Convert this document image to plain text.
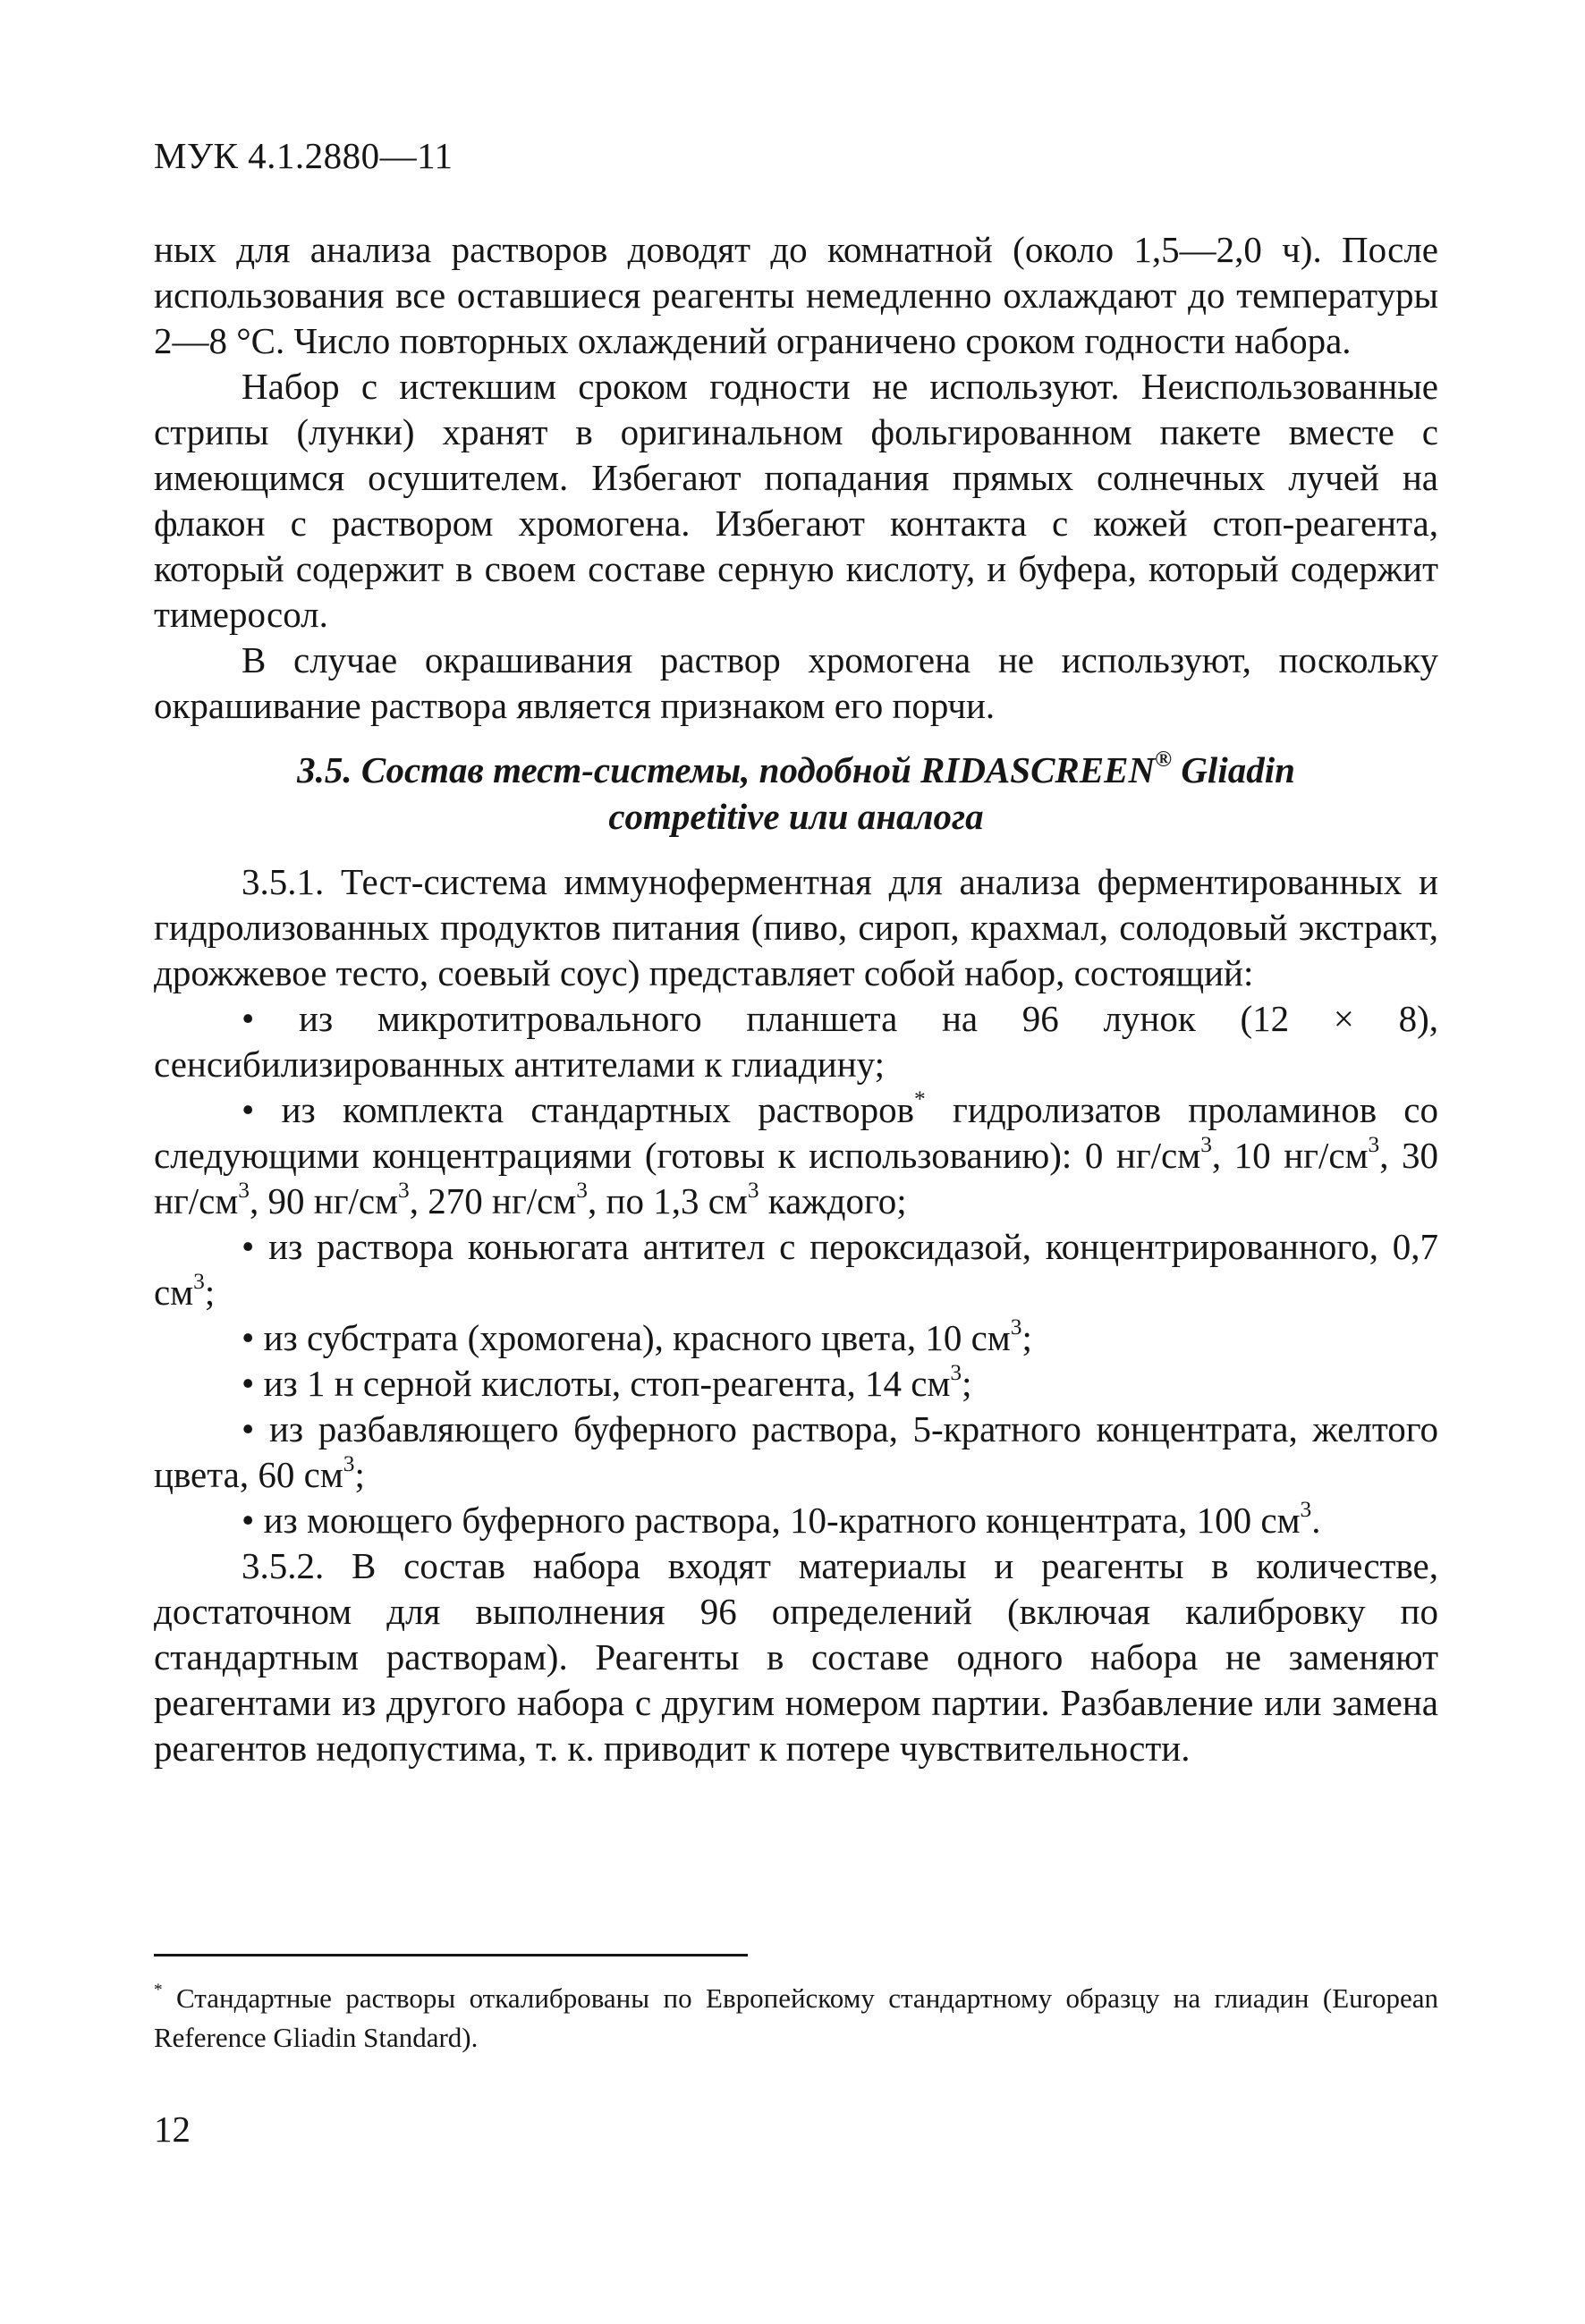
МУК 4.1.2880—11

ных для анализа растворов доводят до комнатной (около 1,5—2,0 ч). После использования все оставшиеся реагенты немедленно охлаждают до температуры 2—8 °С. Число повторных охлаждений ограничено сроком годности набора.

Набор с истекшим сроком годности не используют. Неиспользованные стрипы (лунки) хранят в оригинальном фольгированном пакете вместе с имеющимся осушителем. Избегают попадания прямых солнечных лучей на флакон с раствором хромогена. Избегают контакта с кожей стоп-реагента, который содержит в своем составе серную кислоту, и буфера, который содержит тимеросол.

В случае окрашивания раствор хромогена не используют, поскольку окрашивание раствора является признаком его порчи.

3.5. Состав тест-системы, подобной RIDASCREEN® Gliadin
competitive или аналога

3.5.1. Тест-система иммуноферментная для анализа ферментированных и гидролизованных продуктов питания (пиво, сироп, крахмал, солодовый экстракт, дрожжевое тесто, соевый соус) представляет собой набор, состоящий:

• из микротитровального планшета на 96 лунок (12 × 8), сенсибилизированных антителами к глиадину;

• из комплекта стандартных растворов* гидролизатов проламинов со следующими концентрациями (готовы к использованию): 0 $нг/см^3$, 10 $нг/см^3$, 30 $нг/см^3$, 90 $нг/см^3$, 270 $нг/см^3$, по 1,3 $см^3$ каждого;

• из раствора коньюгата антител с пероксидазой, концентрированного, 0,7 $см^3$;

• из субстрата (хромогена), красного цвета, 10 $см^3$;

• из 1 н серной кислоты, стоп-реагента, 14 $см^3$;

• из разбавляющего буферного раствора, 5-кратного концентрата, желтого цвета, 60 $см^3$;

• из моющего буферного раствора, 10-кратного концентрата, 100 $см^3$.

3.5.2. В состав набора входят материалы и реагенты в количестве, достаточном для выполнения 96 определений (включая калибровку по стандартным растворам). Реагенты в составе одного набора не заменяют реагентами из другого набора с другим номером партии. Разбавление или замена реагентов недопустима, т. к. приводит к потере чувствительности.

* Стандартные растворы откалиброваны по Европейскому стандартному образцу на глиадин (European Reference Gliadin Standard).
12
